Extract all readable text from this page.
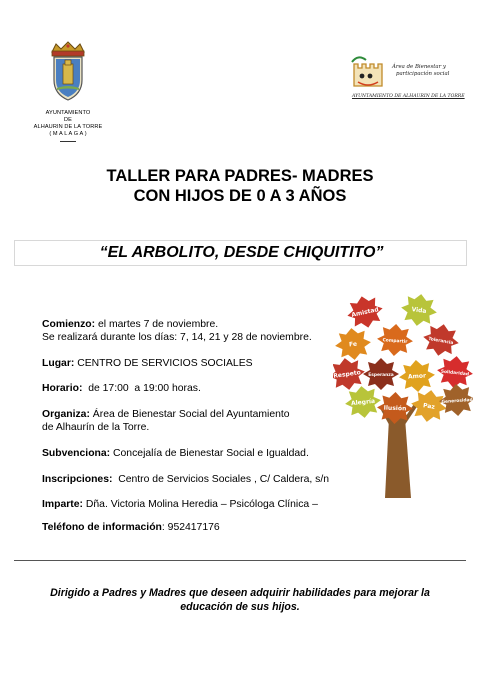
AYUNTAMIENTO
DE
ALHAURIN DE LA TORRE
( M A L A G A )
Área de Bienestar y
participación social
AYUNTAMIENTO DE ALHAURIN DE LA TORRE
TALLER PARA PADRES- MADRES
CON HIJOS DE 0 A 3 AÑOS
“EL ARBOLITO, DESDE CHIQUITITO”
Comienzo: el martes 7 de noviembre.
Se realizará durante los días: 7, 14, 21 y 28 de noviembre.
Lugar: CENTRO DE SERVICIOS SOCIALES
Horario:  de 17:00  a 19:00 horas.
Organiza: Área de Bienestar Social del Ayuntamiento
de Alhaurín de la Torre.
Subvenciona: Concejalía de Bienestar Social e Igualdad.
Inscripciones:  Centro de Servicios Sociales , C/ Caldera, s/n
Imparte: Dña. Victoria Molina Heredia – Psicóloga Clínica –
Teléfono de información: 952417176
Amistad	Vida
Fe	Compartir	Tolerancia
Respeto Esperanza Amor	Solidaridad
Alegría
Ilusión	Paz
Generosidad
Dirigido a Padres y Madres que deseen adquirir habilidades para mejorar la
educación de sus hijos.
